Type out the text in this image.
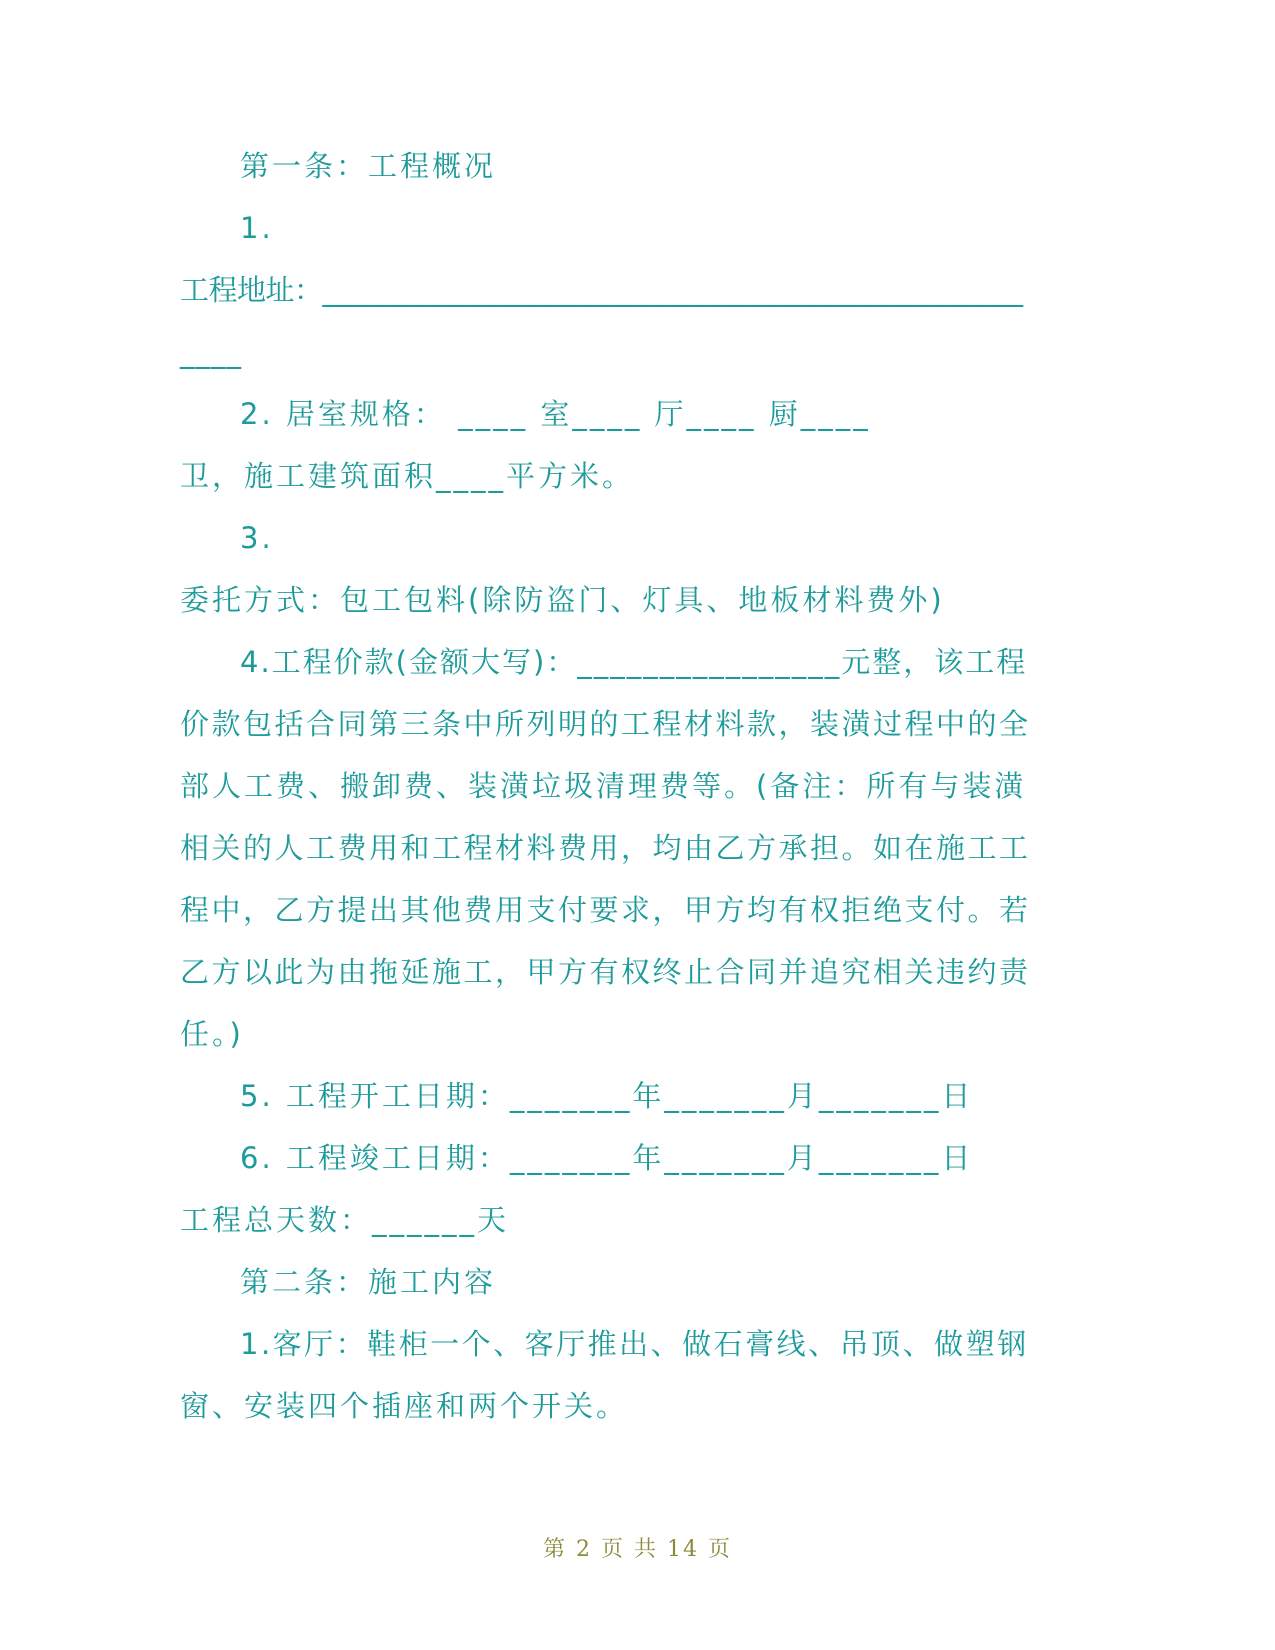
第一条：工程概况
1.
工程地址：__________________________________________________
____
2. 居室规格： ____ 室____ 厅____ 厨____
卫，施工建筑面积____平方米。
3.
委托方式：包工包料(除防盗门、灯具、地板材料费外)
4.工程价款(金额大写)：________________元整，该工程
价款包括合同第三条中所列明的工程材料款，装潢过程中的全
部人工费、搬卸费、装潢垃圾清理费等。(备注：所有与装潢
相关的人工费用和工程材料费用，均由乙方承担。如在施工工
程中，乙方提出其他费用支付要求，甲方均有权拒绝支付。若
乙方以此为由拖延施工，甲方有权终止合同并追究相关违约责
任。)
5. 工程开工日期：_______年_______月_______日
6. 工程竣工日期：_______年_______月_______日
工程总天数：______天
第二条：施工内容
1.客厅：鞋柜一个、客厅推出、做石膏线、吊顶、做塑钢
窗、安装四个插座和两个开关。
第 2 页 共 14 页
